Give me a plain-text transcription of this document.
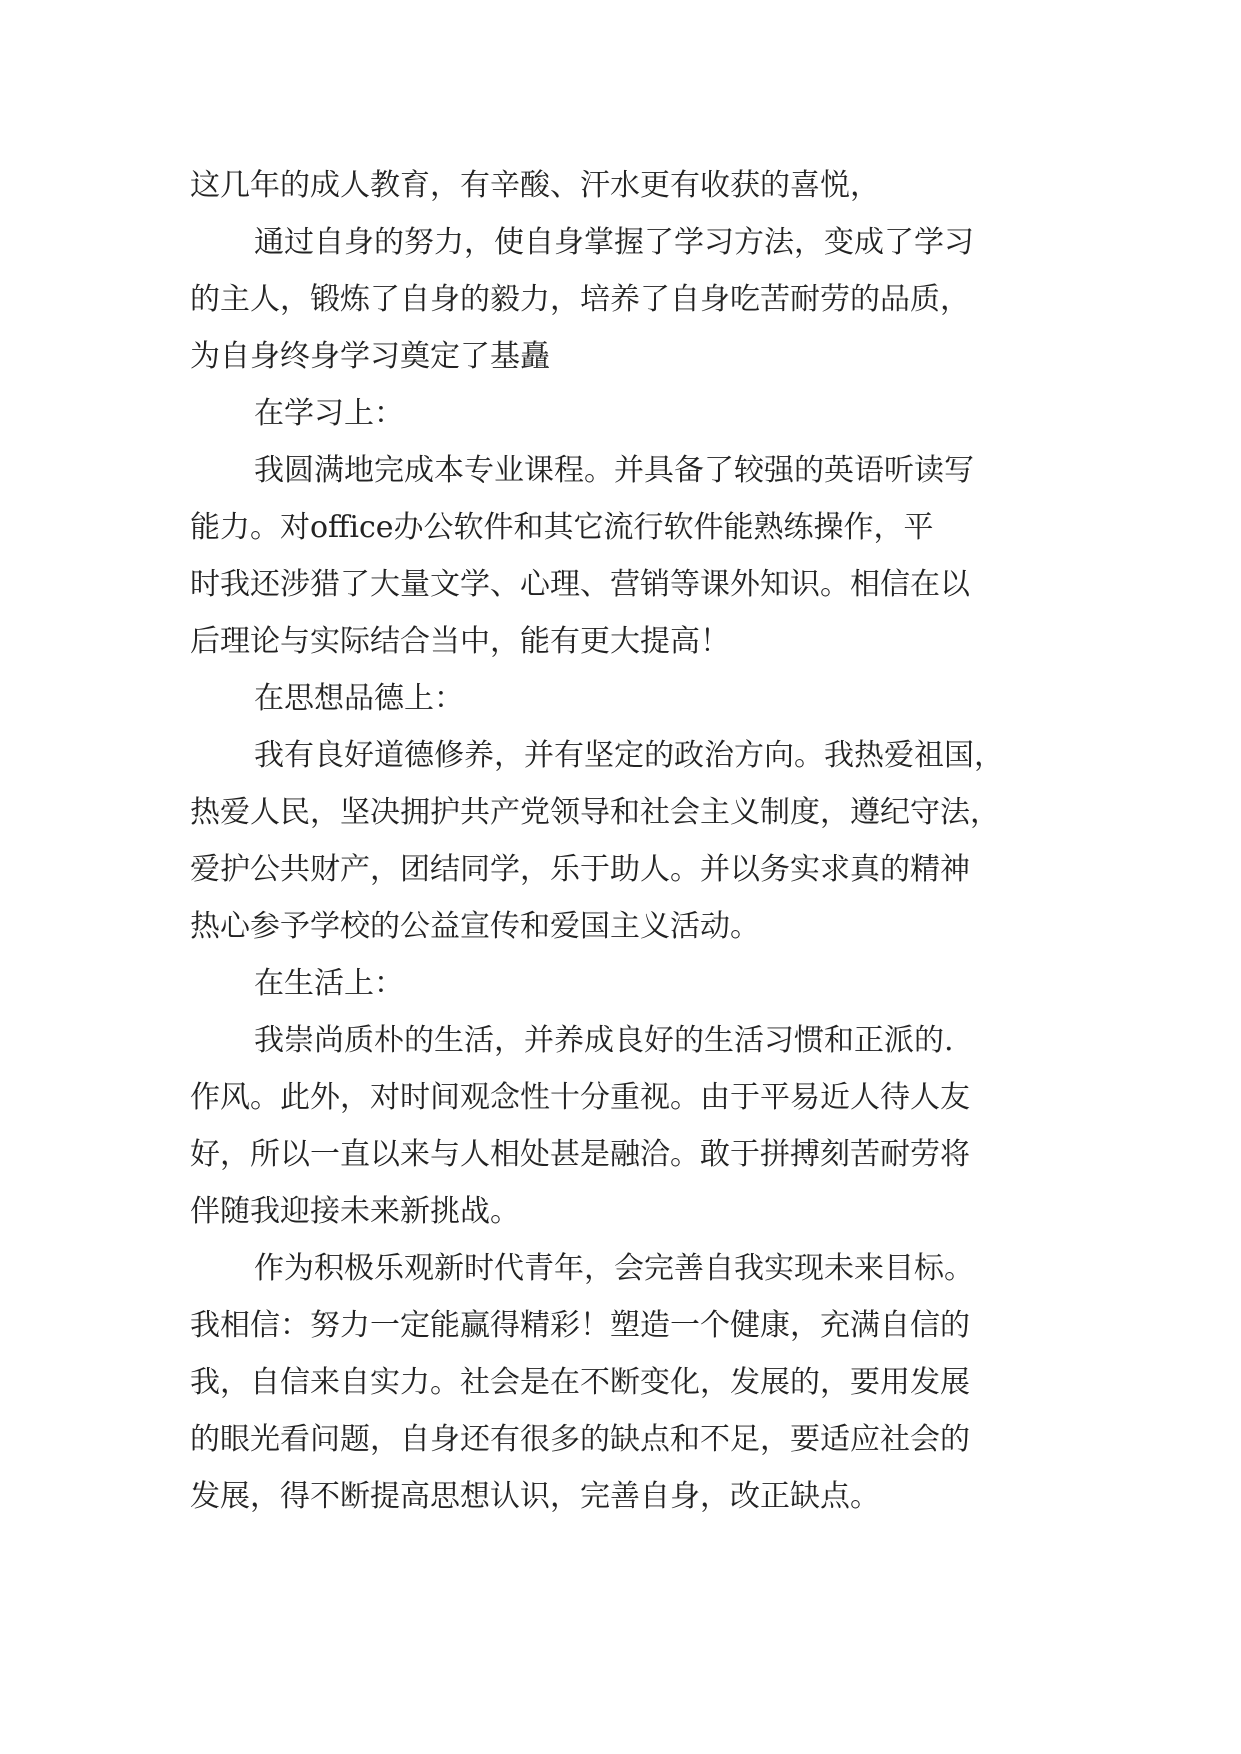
这几年的成人教育，有辛酸、汗水更有收获的喜悦，
通过自身的努力，使自身掌握了学习方法，变成了学习
的主人，锻炼了自身的毅力，培养了自身吃苦耐劳的品质，
为自身终身学习奠定了基矗
在学习上：
我圆满地完成本专业课程。并具备了较强的英语听读写
能力。对office办公软件和其它流行软件能熟练操作，平
时我还涉猎了大量文学、心理、营销等课外知识。相信在以
后理论与实际结合当中，能有更大提高！
在思想品德上：
我有良好道德修养，并有坚定的政治方向。我热爱祖国，
热爱人民，坚决拥护共产党领导和社会主义制度，遵纪守法，
爱护公共财产，团结同学，乐于助人。并以务实求真的精神
热心参予学校的公益宣传和爱国主义活动。
在生活上：
我崇尚质朴的生活，并养成良好的生活习惯和正派的.
作风。此外，对时间观念性十分重视。由于平易近人待人友
好，所以一直以来与人相处甚是融洽。敢于拼搏刻苦耐劳将
伴随我迎接未来新挑战。
作为积极乐观新时代青年，会完善自我实现未来目标。
我相信：努力一定能赢得精彩！塑造一个健康，充满自信的
我，自信来自实力。社会是在不断变化，发展的，要用发展
的眼光看问题，自身还有很多的缺点和不足，要适应社会的
发展，得不断提高思想认识，完善自身，改正缺点。
